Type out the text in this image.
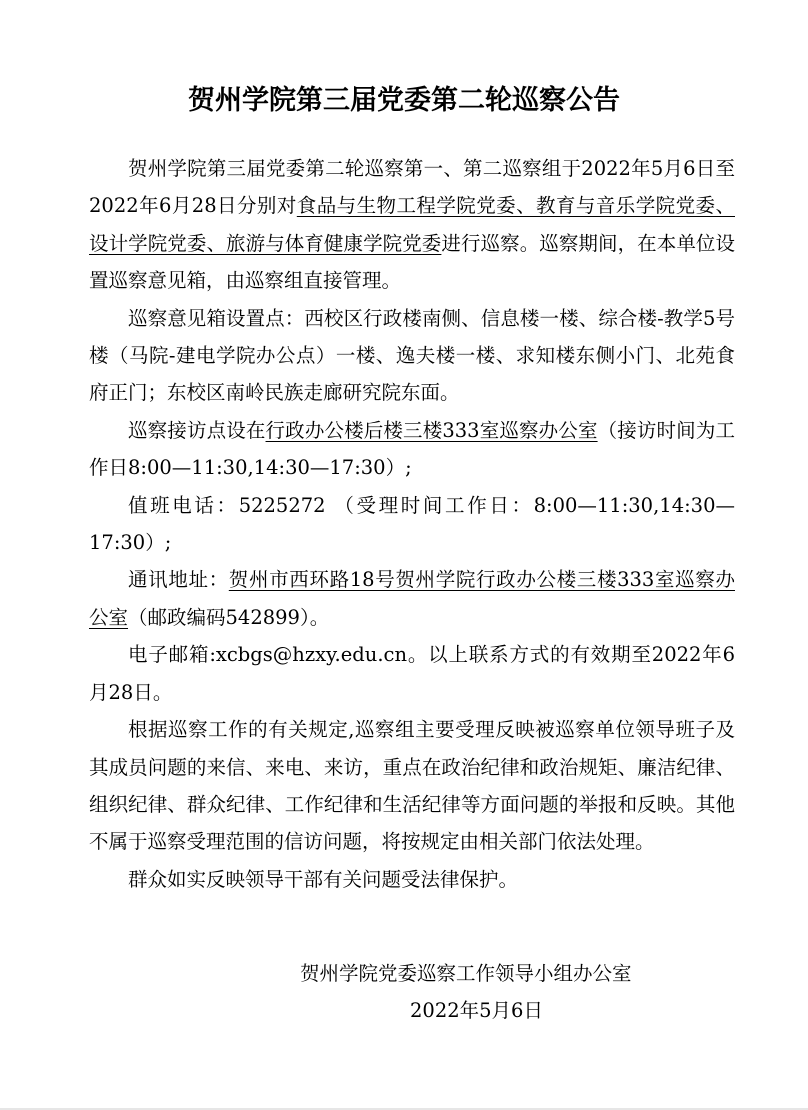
贺州学院第三届党委第二轮巡察公告

贺州学院第三届党委第二轮巡察第一、第二巡察组于2022年5月6日至2022年6月28日分别对食品与生物工程学院党委、教育与音乐学院党委、设计学院党委、旅游与体育健康学院党委进行巡察。巡察期间，在本单位设置巡察意见箱，由巡察组直接管理。

巡察意见箱设置点：西校区行政楼南侧、信息楼一楼、综合楼-教学5号楼（马院-建电学院办公点）一楼、逸夫楼一楼、求知楼东侧小门、北苑食府正门；东校区南岭民族走廊研究院东面。

巡察接访点设在行政办公楼后楼三楼333室巡察办公室（接访时间为工作日8:00—11:30,14:30—17:30）;

值班电话：5225272 （受理时间工作日：8:00—11:30,14:30—17:30）;

通讯地址：贺州市西环路18号贺州学院行政办公楼三楼333室巡察办公室（邮政编码542899）。

电子邮箱:xcbgs@hzxy.edu.cn。以上联系方式的有效期至2022年6月28日。

根据巡察工作的有关规定,巡察组主要受理反映被巡察单位领导班子及其成员问题的来信、来电、来访，重点在政治纪律和政治规矩、廉洁纪律、组织纪律、群众纪律、工作纪律和生活纪律等方面问题的举报和反映。其他不属于巡察受理范围的信访问题，将按规定由相关部门依法处理。

群众如实反映领导干部有关问题受法律保护。

贺州学院党委巡察工作领导小组办公室
2022年5月6日
